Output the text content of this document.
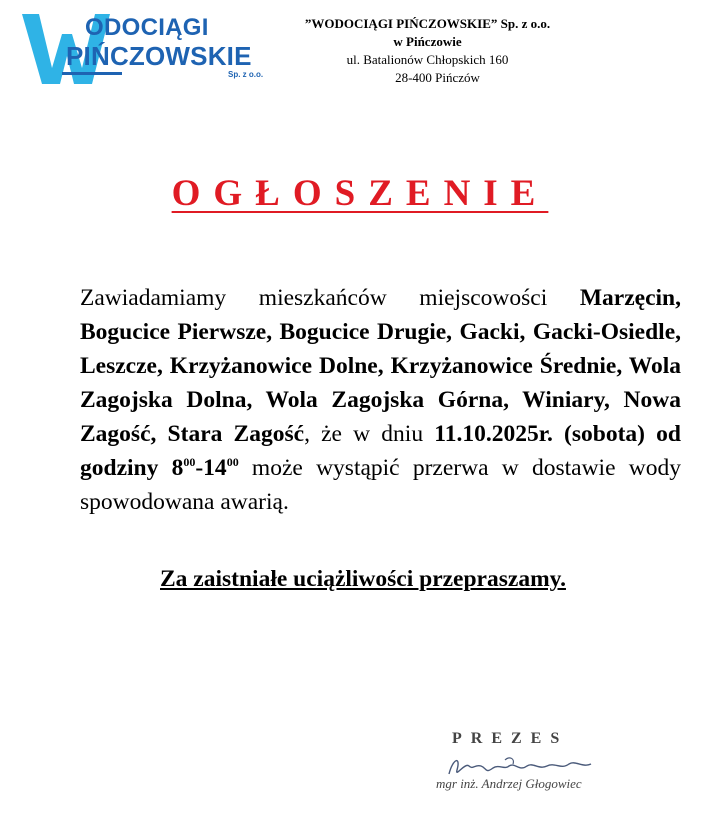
ODOCIĄGI
PIŃCZOWSKIE
Sp. z o.o.
”WODOCIĄGI PIŃCZOWSKIE” Sp. z o.o.
w Pińczowie
ul. Batalionów Chłopskich 160
28-400 Pińczów
OGŁOSZENIE
Zawiadamiamy mieszkańców miejscowości Marzęcin, Bogucice Pierwsze, Bogucice Drugie, Gacki, Gacki-Osiedle, Leszcze, Krzyżanowice Dolne, Krzyżanowice Średnie, Wola Zagojska Dolna, Wola Zagojska Górna, Winiary, Nowa Zagość, Stara Zagość, że w dniu 11.10.2025r. (sobota) od godziny $8^{00}-14^{00}$ może wystąpić przerwa w dostawie wody spowodowana awarią.
Za zaistniałe uciążliwości przepraszamy.
PREZES
mgr inż. Andrzej Głogowiec
